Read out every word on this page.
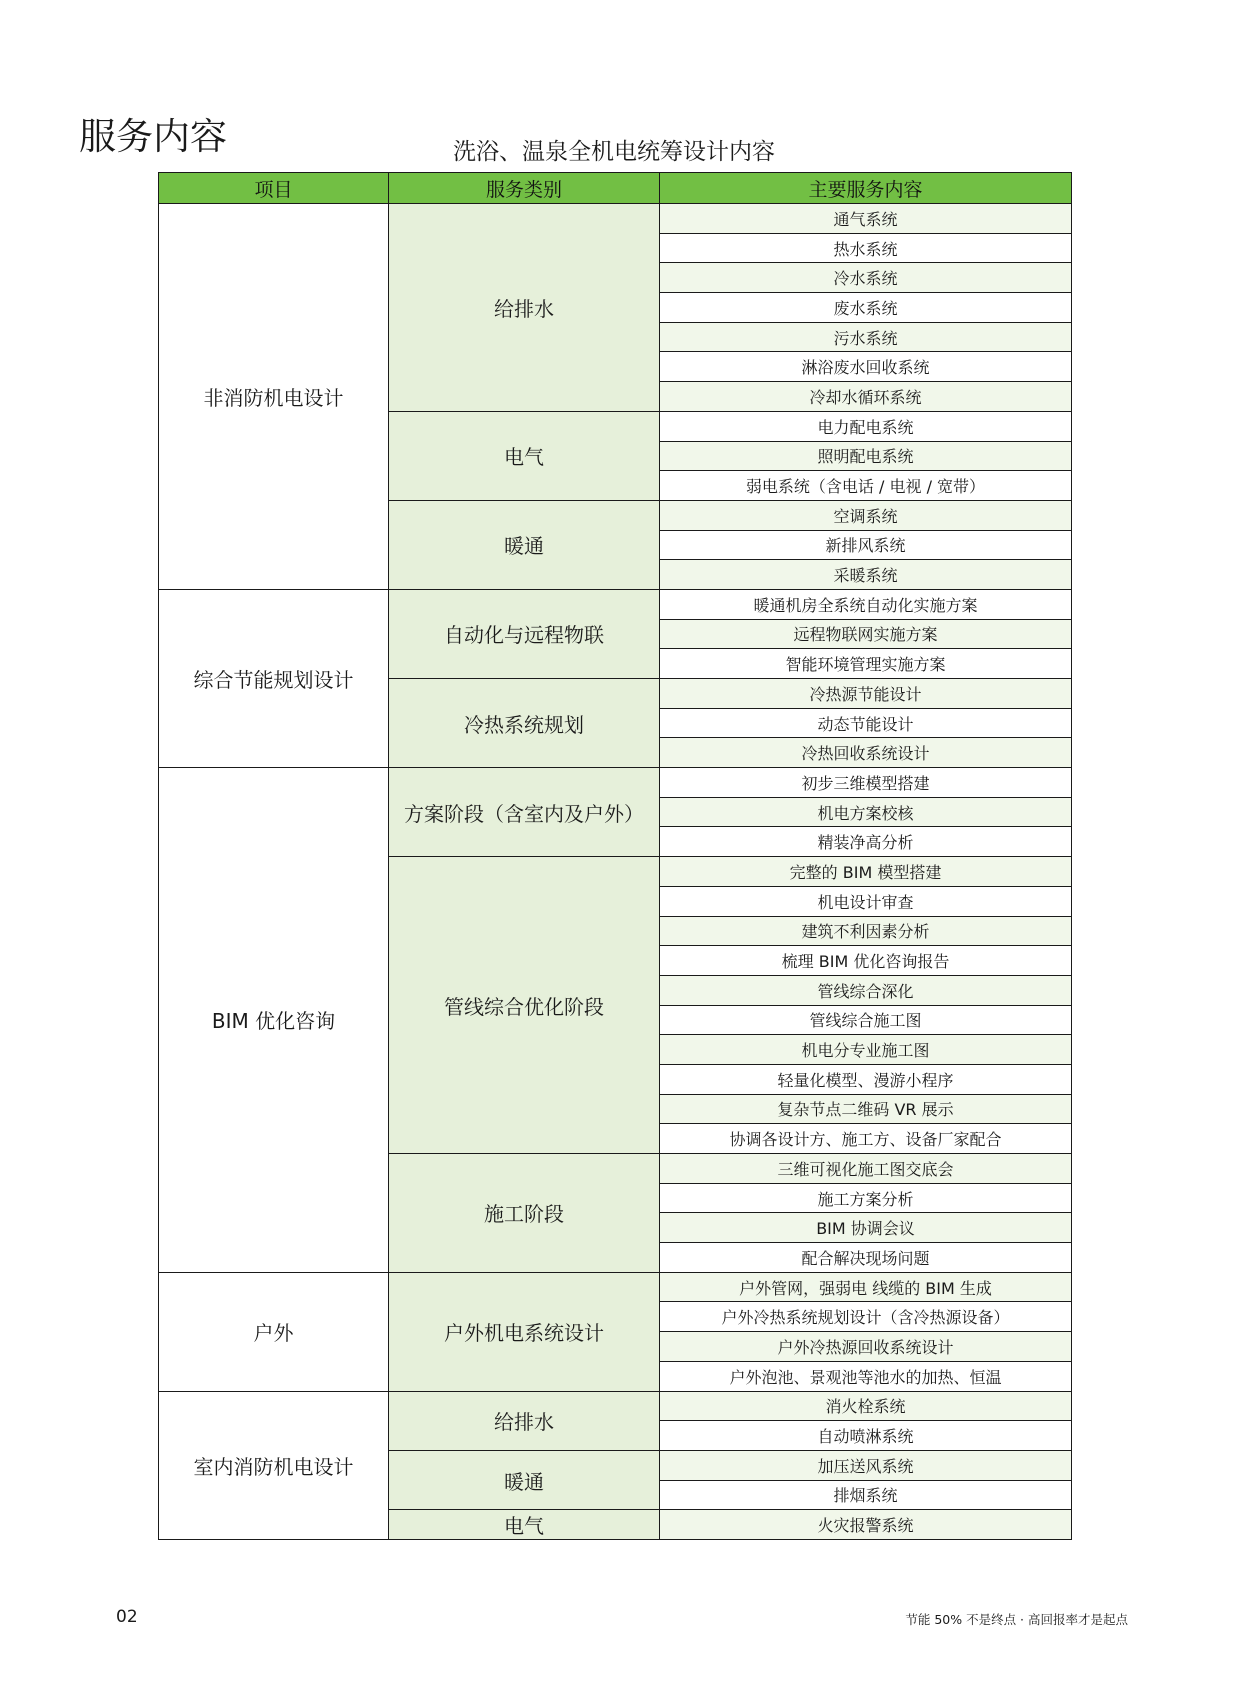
服务内容	洗浴、温泉全机电统筹设计内容
项目	服务类别	主要服务内容
非消防机电设计	给排水	通气系统
		热水系统
		冷水系统
		废水系统
		污水系统
		淋浴废水回收系统
		冷却水循环系统
	电气	电力配电系统
		照明配电系统
		弱电系统（含电话 / 电视 / 宽带）
	暖通	空调系统
		新排风系统
		采暖系统
综合节能规划设计	自动化与远程物联	暖通机房全系统自动化实施方案
		远程物联网实施方案
		智能环境管理实施方案
	冷热系统规划	冷热源节能设计
		动态节能设计
		冷热回收系统设计
BIM 优化咨询	方案阶段（含室内及户外）	初步三维模型搭建
		机电方案校核
		精装净高分析
	管线综合优化阶段	完整的 BIM 模型搭建
		机电设计审查
		建筑不利因素分析
		梳理 BIM 优化咨询报告
		管线综合深化
		管线综合施工图
		机电分专业施工图
		轻量化模型、漫游小程序
		复杂节点二维码 VR 展示
		协调各设计方、施工方、设备厂家配合
	施工阶段	三维可视化施工图交底会
		施工方案分析
		BIM 协调会议
		配合解决现场问题
户外	户外机电系统设计	户外管网，强弱电 线缆的 BIM 生成
		户外冷热系统规划设计（含冷热源设备）
		户外冷热源回收系统设计
		户外泡池、景观池等池水的加热、恒温
室内消防机电设计	给排水	消火栓系统
		自动喷淋系统
	暖通	加压送风系统
		排烟系统
	电气	火灾报警系统
02	节能 50% 不是终点 · 高回报率才是起点
